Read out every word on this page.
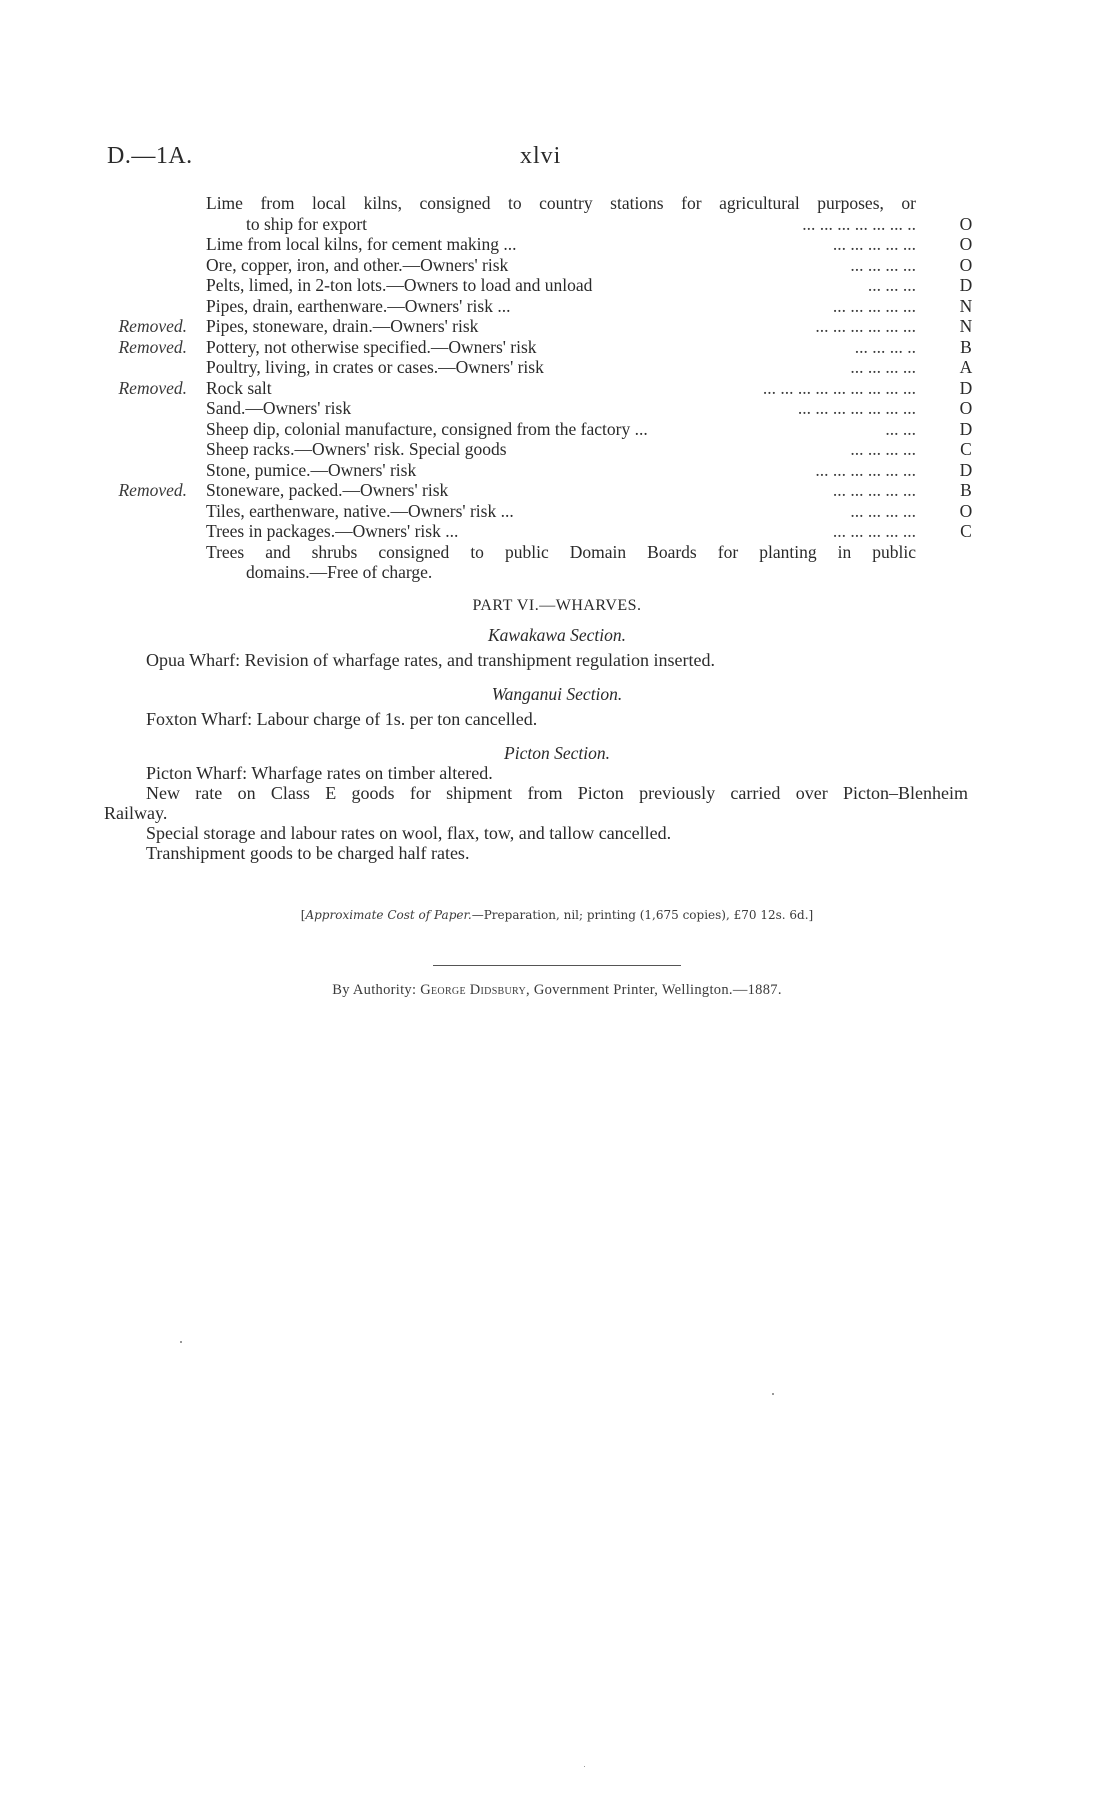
D.—1A.	xlvi
Lime from local kilns, consigned to country stations for agricultural purposes, or
to ship for export	... ... ... ... ... ... .. O
Lime from local kilns, for cement making ...	... ... ... ... ... O
Ore, copper, iron, and other.—Owners' risk	... ... ... ... O
Pelts, limed, in 2-ton lots.—Owners to load and unload	... ... ... D
Pipes, drain, earthenware.—Owners' risk ...	... ... ... ... ... N
Removed. Pipes, stoneware, drain.—Owners' risk	... ... ... ... ... ... N
Removed. Pottery, not otherwise specified.—Owners' risk	... ... ... ..	B
Poultry, living, in crates or cases.—Owners' risk	... ... ... ... A
Removed. Rock salt	... ... ... ... ... ... ... ... ... D
Sand.—Owners' risk	... ... ... ... ... ... ... O
Sheep dip, colonial manufacture, consigned from the factory ...	... ... D
Sheep racks.—Owners' risk. Special goods	... ... ... ...	C
Stone, pumice.—Owners' risk	... ... ... ... ... ... D
Removed. Stoneware, packed.—Owners' risk	... ... ... ... ...	B
Tiles, earthenware, native.—Owners' risk ...	... ... ... ... O
Trees in packages.—Owners' risk ...	... ... ... ... ...	C
Trees and shrubs consigned to public Domain Boards for planting in public
domains.—Free of charge.
PART VI.—WHARVES.
Kawakawa Section.
Opua Wharf: Revision of wharfage rates, and transhipment regulation inserted.
Wanganui Section.
Foxton Wharf: Labour charge of 1s. per ton cancelled.
Picton Section.
Picton Wharf: Wharfage rates on timber altered.
New rate on Class E goods for shipment from Picton previously carried over Picton–Blenheim
Railway.
Special storage and labour rates on wool, flax, tow, and tallow cancelled.
Transhipment goods to be charged half rates.
[Approximate Cost of Paper.—Preparation, nil; printing (1,675 copies), £70 12s. 6d.]
By Authority: George Didsbury, Government Printer, Wellington.—1887.
